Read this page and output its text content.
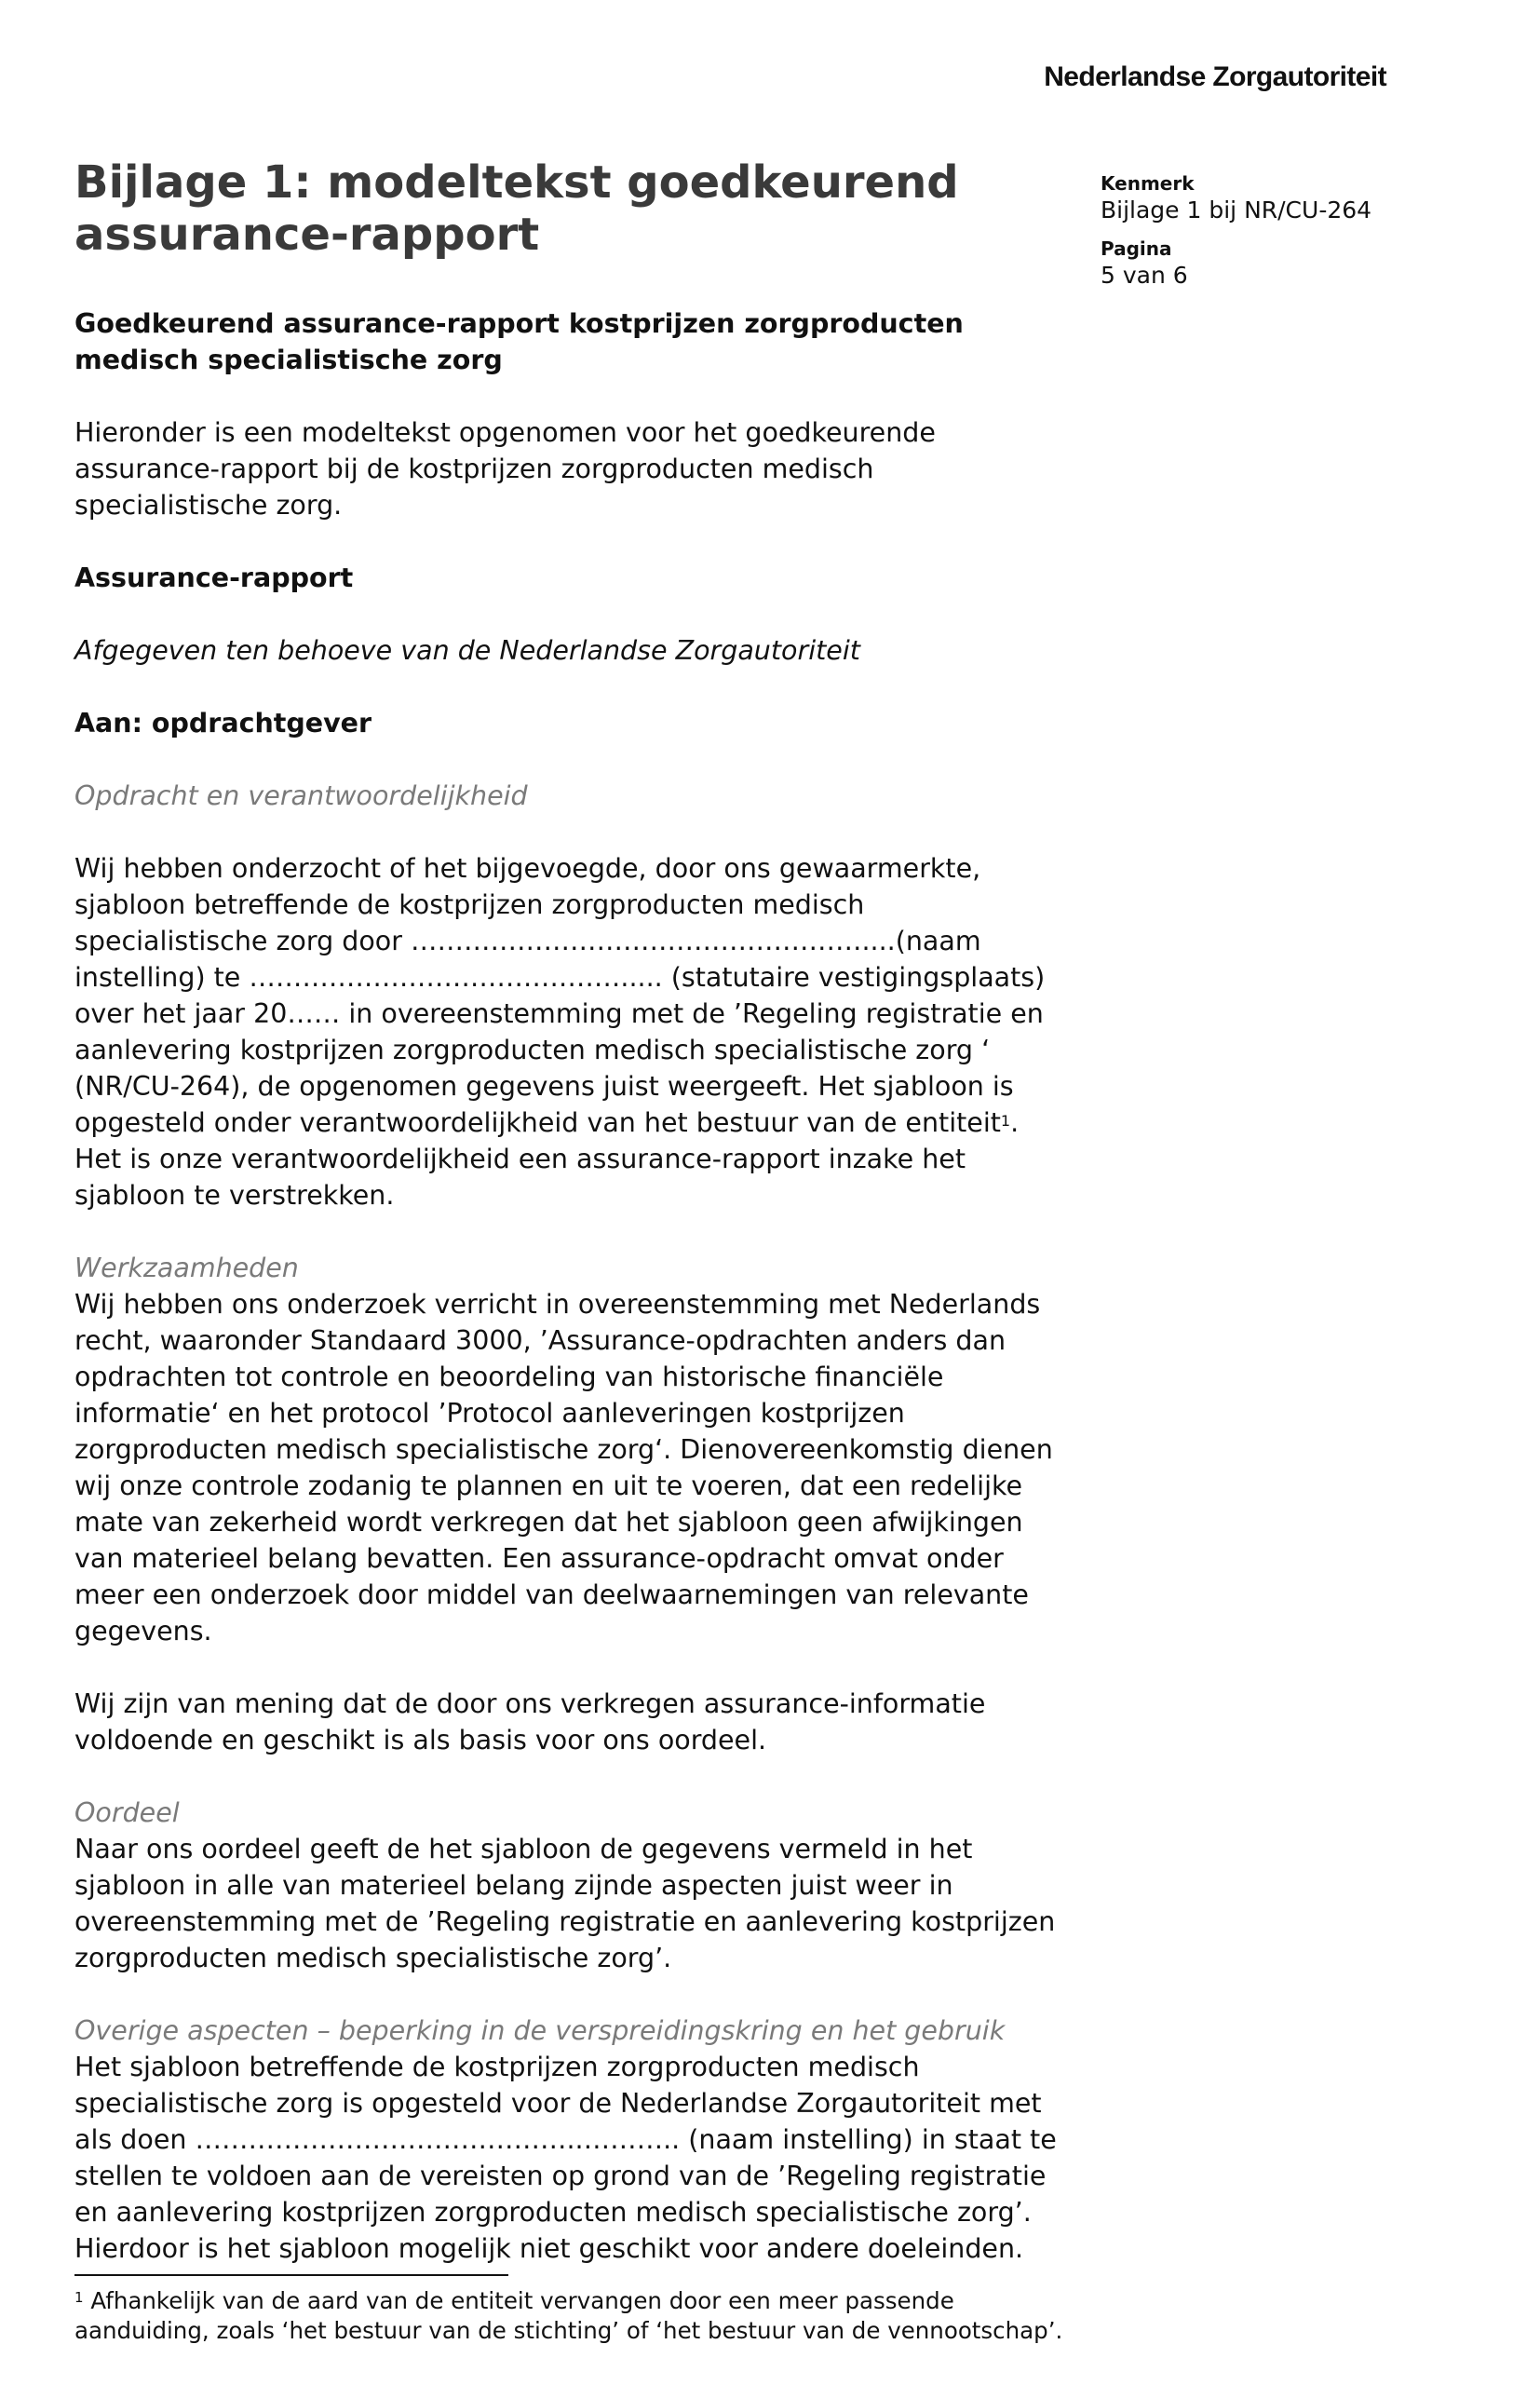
Nederlandse Zorgautoriteit

Kenmerk

Bijlage 1 bij NR/CU-264

Pagina

5 van 6

Bijlage 1: modeltekst goedkeurend
assurance-rapport
Goedkeurend assurance-rapport kostprijzen zorgproducten
medisch specialistische zorg
Hieronder is een modeltekst opgenomen voor het goedkeurende
assurance-rapport bij de kostprijzen zorgproducten medisch
specialistische zorg.
Assurance-rapport
Afgegeven ten behoeve van de Nederlandse Zorgautoriteit
Aan: opdrachtgever
Opdracht en verantwoordelijkheid
Wij hebben onderzocht of het bijgevoegde, door ons gewaarmerkte,
sjabloon betreffende de kostprijzen zorgproducten medisch
specialistische zorg door ……………………………………………....(naam
instelling) te ……………………………………..... (statutaire vestigingsplaats)
over het jaar 20…… in overeenstemming met de ’Regeling registratie en
aanlevering kostprijzen zorgproducten medisch specialistische zorg ‘
(NR/CU-264), de opgenomen gegevens juist weergeeft. Het sjabloon is
opgesteld onder verantwoordelijkheid van het bestuur van de entiteit$^1$.
Het is onze verantwoordelijkheid een assurance-rapport inzake het
sjabloon te verstrekken.
Werkzaamheden
Wij hebben ons onderzoek verricht in overeenstemming met Nederlands
recht, waaronder Standaard 3000, ’Assurance-opdrachten anders dan
opdrachten tot controle en beoordeling van historische financiële
informatie‘ en het protocol ’Protocol aanleveringen kostprijzen
zorgproducten medisch specialistische zorg‘. Dienovereenkomstig dienen
wij onze controle zodanig te plannen en uit te voeren, dat een redelijke
mate van zekerheid wordt verkregen dat het sjabloon geen afwijkingen
van materieel belang bevatten. Een assurance-opdracht omvat onder
meer een onderzoek door middel van deelwaarnemingen van relevante
gegevens.
Wij zijn van mening dat de door ons verkregen assurance-informatie
voldoende en geschikt is als basis voor ons oordeel.
Oordeel
Naar ons oordeel geeft de het sjabloon de gegevens vermeld in het
sjabloon in alle van materieel belang zijnde aspecten juist weer in
overeenstemming met de ’Regeling registratie en aanlevering kostprijzen
zorgproducten medisch specialistische zorg’.
Overige aspecten – beperking in de verspreidingskring en het gebruik
Het sjabloon betreffende de kostprijzen zorgproducten medisch
specialistische zorg is opgesteld voor de Nederlandse Zorgautoriteit met
als doen ……………………………………..……….. (naam instelling) in staat te
stellen te voldoen aan de vereisten op grond van de ’Regeling registratie
en aanlevering kostprijzen zorgproducten medisch specialistische zorg’.
Hierdoor is het sjabloon mogelijk niet geschikt voor andere doeleinden.
$^1$ Afhankelijk van de aard van de entiteit vervangen door een meer passende
aanduiding, zoals ‘het bestuur van de stichting’ of ‘het bestuur van de vennootschap’.
